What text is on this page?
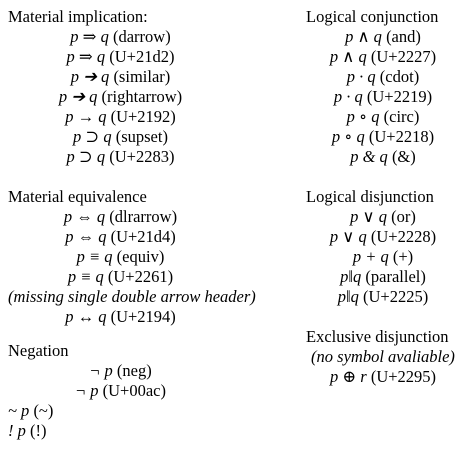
Material implication:
p ⇒ q (darrow)
p ⇒ q (U+21d2)
p ➔ q (similar)
p ➔ q (rightarrow)
p → q (U+2192)
p ⊃ q (supset)
p ⊃ q (U+2283)
Material equivalence
p ⇔ q (dlrarrow)
p ⇔ q (U+21d4)
p ≡ q (equiv)
p ≡ q (U+2261)
(missing single double arrow header)
p ↔ q (U+2194)
Negation
¬ p (neg)
¬ p (U+00ac)
~ p (~)
! p (!)
Logical conjunction
p ∧ q (and)
p ∧ q (U+2227)
p · q (cdot)
p · q (U+2219)
p ∘ q (circ)
p ∘ q (U+2218)
p & q (&)
Logical disjunction
p ∨ q (or)
p ∨ q (U+2228)
p + q (+)
p‖q (parallel)
p‖q (U+2225)
Exclusive disjunction
(no symbol avaliable)
p ⊕ r (U+2295)
